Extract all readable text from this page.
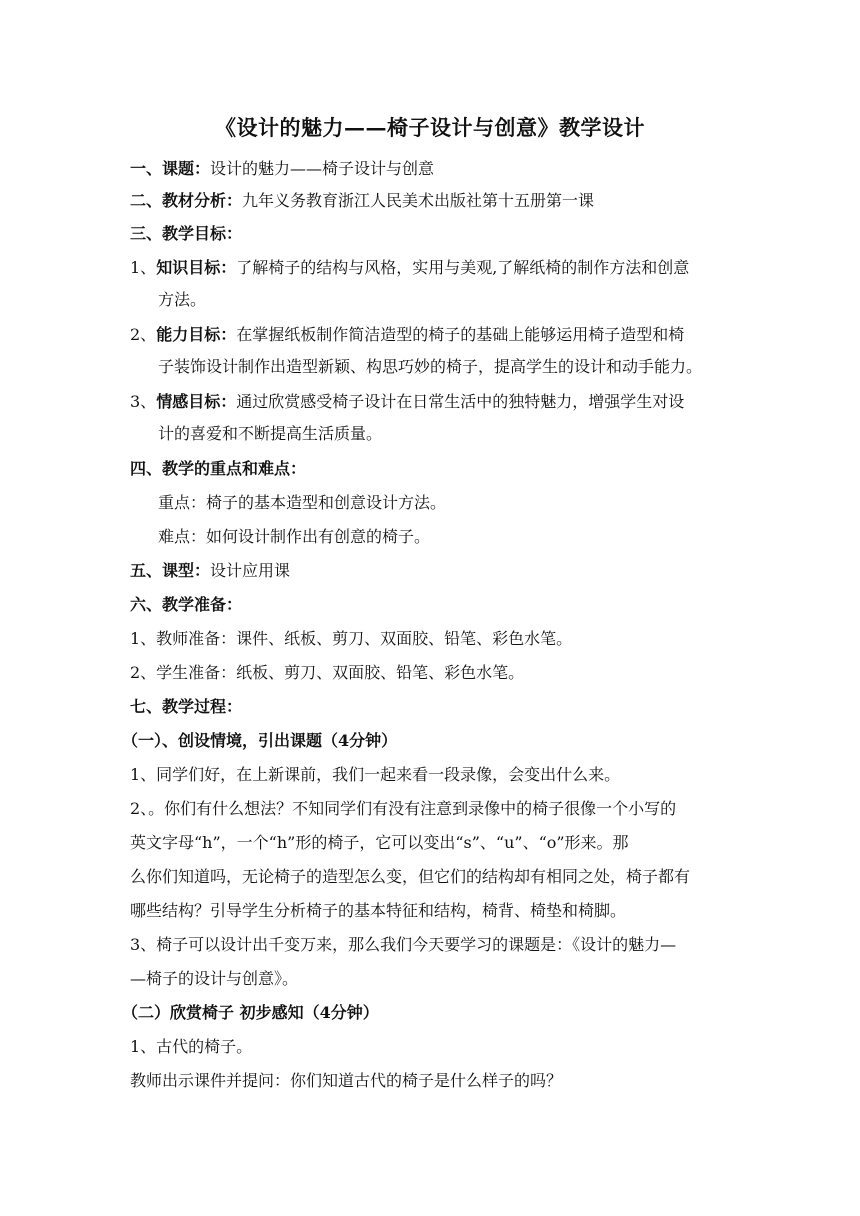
《设计的魅力——椅子设计与创意》教学设计
一、课题：设计的魅力——椅子设计与创意
二、教材分析：九年义务教育浙江人民美术出版社第十五册第一课
三、教学目标：
1、知识目标：了解椅子的结构与风格，实用与美观,了解纸椅的制作方法和创意
方法。
2、能力目标：在掌握纸板制作简洁造型的椅子的基础上能够运用椅子造型和椅
子装饰设计制作出造型新颖、构思巧妙的椅子，提高学生的设计和动手能力。
3、情感目标：通过欣赏感受椅子设计在日常生活中的独特魅力，增强学生对设
计的喜爱和不断提高生活质量。
四、教学的重点和难点：
重点：椅子的基本造型和创意设计方法。
难点：如何设计制作出有创意的椅子。
五、课型：设计应用课
六、教学准备：
1、教师准备：课件、纸板、剪刀、双面胶、铅笔、彩色水笔。
2、学生准备：纸板、剪刀、双面胶、铅笔、彩色水笔。
七、教学过程：
（一）、创设情境，引出课题（4分钟）
1、同学们好，在上新课前，我们一起来看一段录像，会变出什么来。
2、。你们有什么想法？不知同学们有没有注意到录像中的椅子很像一个小写的
英文字母“h”，一个“h”形的椅子，它可以变出“s”、“u”、“o”形来。那
么你们知道吗，无论椅子的造型怎么变，但它们的结构却有相同之处，椅子都有
哪些结构？引导学生分析椅子的基本特征和结构，椅背、椅垫和椅脚。
3、椅子可以设计出千变万来，那么我们今天要学习的课题是：《设计的魅力—
—椅子的设计与创意》。
（二）欣赏椅子 初步感知（4分钟）
1、古代的椅子。
教师出示课件并提问：你们知道古代的椅子是什么样子的吗？
